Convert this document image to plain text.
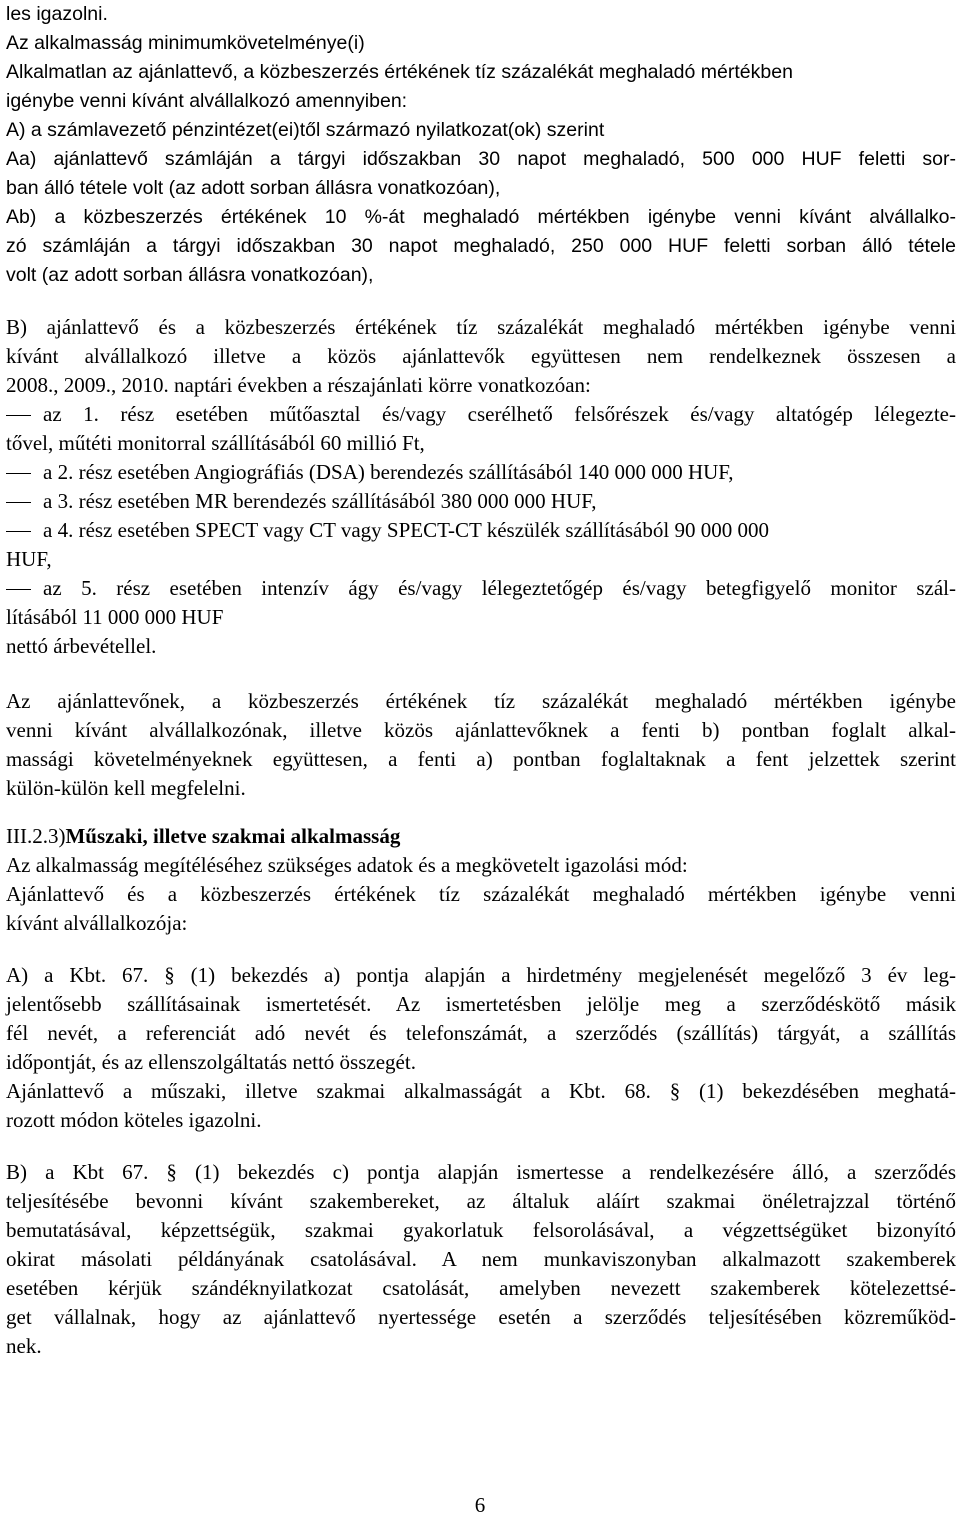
les igazolni.
Az alkalmasság minimumkövetelménye(i)
Alkalmatlan az ajánlattevő, a közbeszerzés értékének tíz százalékát meghaladó mértékben
igénybe venni kívánt alvállalkozó amennyiben:
A) a számlavezető pénzintézet(ei)től származó nyilatkozat(ok) szerint
Aa) ajánlattevő számláján a tárgyi időszakban 30 napot meghaladó, 500 000 HUF feletti sor-
ban álló tétele volt (az adott sorban állásra vonatkozóan),
Ab) a közbeszerzés értékének 10 %-át meghaladó mértékben igénybe venni kívánt alvállalko-
zó számláján a tárgyi időszakban 30 napot meghaladó, 250 000 HUF feletti sorban álló tétele
volt (az adott sorban állásra vonatkozóan),
B) ajánlattevő és a közbeszerzés értékének tíz százalékát meghaladó mértékben igénybe venni
kívánt alvállalkozó illetve a közös ajánlattevők együttesen nem rendelkeznek összesen a
2008., 2009., 2010. naptári években a részajánlati körre vonatkozóan:
az 1. rész esetében műtőasztal és/vagy cserélhető felsőrészek és/vagy altatógép lélegezte-
tővel, műtéti monitorral szállításából 60 millió Ft,
a 2. rész esetében Angiográfiás (DSA) berendezés szállításából 140 000 000 HUF,
a 3. rész esetében MR berendezés szállításából 380 000 000 HUF,
a 4. rész esetében SPECT vagy CT vagy SPECT-CT készülék szállításából 90 000 000
HUF,
az 5. rész esetében intenzív ágy és/vagy lélegeztetőgép és/vagy betegfigyelő monitor szál-
lításából 11 000 000 HUF
nettó árbevétellel.
Az ajánlattevőnek, a közbeszerzés értékének tíz százalékát meghaladó mértékben igénybe
venni kívánt alvállalkozónak, illetve közös ajánlattevőknek a fenti b) pontban foglalt alkal-
massági követelményeknek együttesen, a fenti a) pontban foglaltaknak a fent jelzettek szerint
külön-külön kell megfelelni.
III.2.3)Műszaki, illetve szakmai alkalmasság
Az alkalmasság megítéléséhez szükséges adatok és a megkövetelt igazolási mód:
Ajánlattevő és a közbeszerzés értékének tíz százalékát meghaladó mértékben igénybe venni
kívánt alvállalkozója:
A) a Kbt. 67. § (1) bekezdés a) pontja alapján a hirdetmény megjelenését megelőző 3 év leg-
jelentősebb szállításainak ismertetését. Az ismertetésben jelölje meg a szerződéskötő másik
fél nevét, a referenciát adó nevét és telefonszámát, a szerződés (szállítás) tárgyát, a szállítás
időpontját, és az ellenszolgáltatás nettó összegét.
Ajánlattevő a műszaki, illetve szakmai alkalmasságát a Kbt. 68. § (1) bekezdésében meghatá-
rozott módon köteles igazolni.
B) a Kbt 67. § (1) bekezdés c) pontja alapján ismertesse a rendelkezésére álló, a szerződés
teljesítésébe bevonni kívánt szakembereket, az általuk aláírt szakmai önéletrajzzal történő
bemutatásával, képzettségük, szakmai gyakorlatuk felsorolásával, a végzettségüket bizonyító
okirat másolati példányának csatolásával. A nem munkaviszonyban alkalmazott szakemberek
esetében kérjük szándéknyilatkozat csatolását, amelyben nevezett szakemberek kötelezettsé-
get vállalnak, hogy az ajánlattevő nyertessége esetén a szerződés teljesítésében közreműköd-
nek.
6
